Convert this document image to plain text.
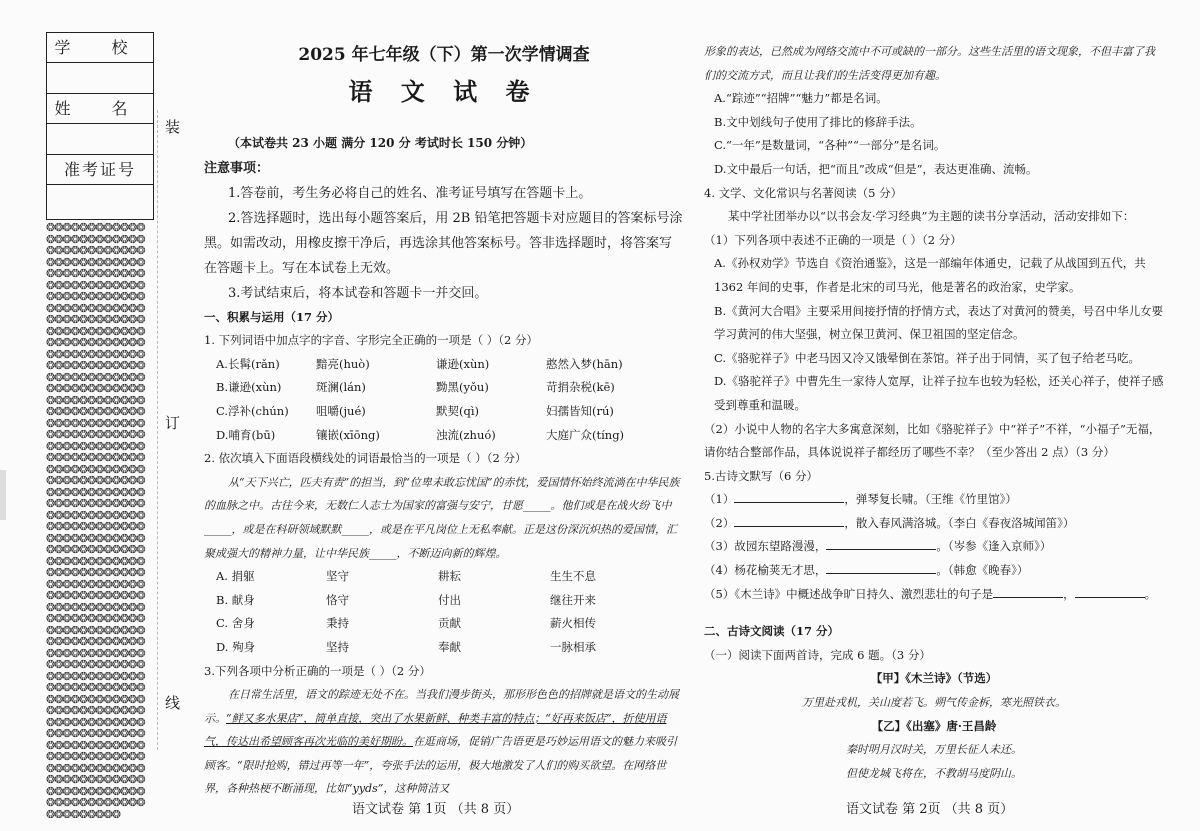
学 校
姓 名
准考证号
❂❂❂❂❂❂❂❂❂❂❂❂❂❂❂❂❂❂❂❂❂❂❂❂❂❂❂❂❂❂❂❂❂❂❂❂❂❂❂❂❂❂❂❂❂❂❂❂❂❂❂❂❂❂❂❂❂❂❂❂❂❂❂❂❂❂❂❂❂❂❂❂❂❂❂❂❂❂❂❂❂❂❂❂❂❂❂❂❂❂❂❂❂❂❂❂❂❂❂❂❂❂❂❂❂❂❂❂❂❂❂❂❂❂❂❂❂❂❂❂❂❂❂❂❂❂❂❂❂❂❂❂❂❂❂❂❂❂❂❂❂❂❂❂❂❂❂❂❂❂❂❂❂❂❂❂❂❂❂❂❂❂❂❂❂❂❂❂❂❂❂❂❂❂❂❂❂❂❂❂❂❂❂❂❂❂❂❂❂❂❂❂❂❂❂❂❂❂❂❂❂❂❂❂❂❂❂❂❂❂❂❂❂❂❂❂❂❂❂❂❂❂❂❂❂❂❂❂❂❂❂❂❂❂❂❂❂❂❂❂❂❂❂❂❂❂❂❂❂❂❂❂❂❂❂❂❂❂❂❂❂❂❂❂❂❂❂❂❂❂❂❂❂❂❂❂❂❂❂❂❂❂❂❂❂❂❂❂❂❂❂❂❂❂❂❂❂❂❂❂❂❂❂❂❂❂❂❂❂❂❂❂❂❂❂❂❂❂❂❂❂❂❂❂❂❂❂❂❂❂❂❂❂❂❂❂❂❂❂❂❂❂❂❂❂❂❂❂❂❂❂❂❂❂❂❂❂❂❂❂❂❂❂❂❂❂❂❂❂❂❂❂❂❂❂❂❂❂❂❂❂❂❂❂❂❂❂❂❂❂❂❂❂❂❂❂❂❂❂❂❂❂❂❂❂❂❂❂❂❂❂❂❂❂❂❂❂❂❂❂❂❂❂❂❂❂❂❂❂❂❂❂❂❂❂❂❂❂❂❂❂❂❂❂❂❂❂❂❂❂❂❂❂❂❂❂❂❂❂❂❂❂❂❂❂❂❂❂❂❂❂❂❂❂❂❂❂❂❂❂❂❂❂❂❂❂❂❂❂❂❂❂❂❂❂❂❂❂❂❂❂❂❂❂❂❂❂❂❂❂❂❂❂❂❂❂❂❂❂❂❂❂❂❂❂❂❂❂❂❂❂❂❂❂❂❂❂❂❂❂❂❂❂❂❂❂❂❂❂❂❂❂❂❂❂❂❂❂❂❂❂❂❂❂❂❂❂❂❂❂❂❂❂❂❂❂❂❂❂❂❂❂❂❂❂❂❂❂❂❂❂❂❂❂❂❂❂❂❂❂❂❂❂❂❂❂❂❂❂❂❂❂❂❂❂❂❂❂❂❂❂
装
订
线
2025 年七年级（下）第一次学情调查
语 文 试 卷
（本试卷共 23 小题 满分 120 分 考试时长 150 分钟）
注意事项：
1.答卷前，考生务必将自己的姓名、准考证号填写在答题卡上。
2.答选择题时，选出每小题答案后，用 2B 铅笔把答题卡对应题目的答案标号涂黑。如需改动，用橡皮擦干净后，再选涂其他答案标号。答非选择题时，将答案写在答题卡上。写在本试卷上无效。
3.考试结束后，将本试卷和答题卡一并交回。
一、积累与运用（17 分）
1. 下列词语中加点字的字音、字形完全正确的一项是（ ）（2 分）
A.长髯(rǎn)	黯亮(huò)	谦逊(xùn)	憨然入梦(hān)
B.谦逊(xùn)	斑澜(lán)	黝黑(yǒu)	苛捐杂税(kē)
C.浮补(chún)	咀嚼(jué)	默契(qì)	妇孺皆知(rú)
D.哺育(bū)	镶嵌(xīōng)	浊流(zhuó)	大庭广众(tíng)
2. 依次填入下面语段横线处的词语最恰当的一项是（ ）（2 分）
从“天下兴亡，匹夫有责”的担当，到“位卑未敢忘忧国”的赤忱，爱国情怀始终流淌在中华民族的血脉之中。古往今来，无数仁人志士为国家的富强与安宁，甘愿_____。他们或是在战火纷飞中_____，或是在科研领域默默_____，或是在平凡岗位上无私奉献。正是这份深沉炽热的爱国情，汇聚成强大的精神力量，让中华民族_____，不断迈向新的辉煌。
A. 捐躯	坚守	耕耘	生生不息
B. 献身	恪守	付出	继往开来
C. 舍身	秉持	贡献	薪火相传
D. 殉身	坚持	奉献	一脉相承
3.下列各项中分析正确的一项是（ ）（2 分）
在日常生活里，语文的踪迹无处不在。当我们漫步街头，那形形色色的招牌就是语文的生动展示。“鲜又多水果店”，简单直接，突出了水果新鲜、种类丰富的特点；“好再来饭店”，折使用语气，传达出希望顾客再次光临的美好期盼。在逛商场，促销广告语更是巧妙运用语文的魅力来吸引顾客。“限时抢购，错过再等一年”，夸张手法的运用，极大地激发了人们的购买欲望。在网络世界，各种热梗不断涌现，比如“yyds”，这种简洁又
语文试卷 第 1页 （共 8 页）
形象的表达，已然成为网络交流中不可或缺的一部分。这些生活里的语文现象，不但丰富了我们的交流方式，而且让我们的生活变得更加有趣。
A.“踪迹”“招牌”“魅力”都是名词。
B.文中划线句子使用了排比的修辞手法。
C.“一年”是数量词，“各种”“一部分”是名词。
D.文中最后一句话，把“而且”改成“但是”，表达更准确、流畅。
4. 文学、文化常识与名著阅读（5 分）
某中学社团举办以“以书会友·学习经典”为主题的读书分享活动，活动安排如下：
（1）下列各项中表述不正确的一项是（ ）（2 分）
A.《孙权劝学》节选自《资治通鉴》，这是一部编年体通史，记载了从战国到五代，共 1362 年间的史事，作者是北宋的司马光，他是著名的政治家，史学家。
B.《黄河大合唱》主要采用间接抒情的抒情方式，表达了对黄河的赞美，号召中华儿女要学习黄河的伟大坚强，树立保卫黄河、保卫祖国的坚定信念。
C.《骆驼祥子》中老马因又冷又饿晕倒在茶馆。祥子出于同情，买了包子给老马吃。
D.《骆驼祥子》中曹先生一家待人宽厚，让祥子拉车也较为轻松，还关心祥子，使祥子感受到尊重和温暖。
（2）小说中人物的名字大多寓意深刻，比如《骆驼祥子》中“祥子”不祥，“小福子”无福，请你结合整部作品，具体说说祥子都经历了哪些不幸？（至少答出 2 点）（3 分）
5.古诗文默写（6 分）
（1）	，弹琴复长啸。（王维《竹里馆》）
（2）	，散入春风满洛城。（李白《春夜洛城闻笛》）
（3）故园东望路漫漫，	。（岑参《逢入京师》）
（4）杨花榆荚无才思，	。（韩愈《晚春》）
（5）《木兰诗》中概述战争旷日持久、激烈悲壮的句子是	，	。
二、古诗文阅读（17 分）
（一）阅读下面两首诗，完成 6 题。（3 分）
【甲】《木兰诗》（节选）
万里赴戎机，关山度若飞。朔气传金柝，寒光照铁衣。
【乙】《出塞》唐·王昌龄
秦时明月汉时关，万里长征人未还。
但使龙城飞将在，不教胡马度阴山。
语文试卷 第 2页 （共 8 页）
